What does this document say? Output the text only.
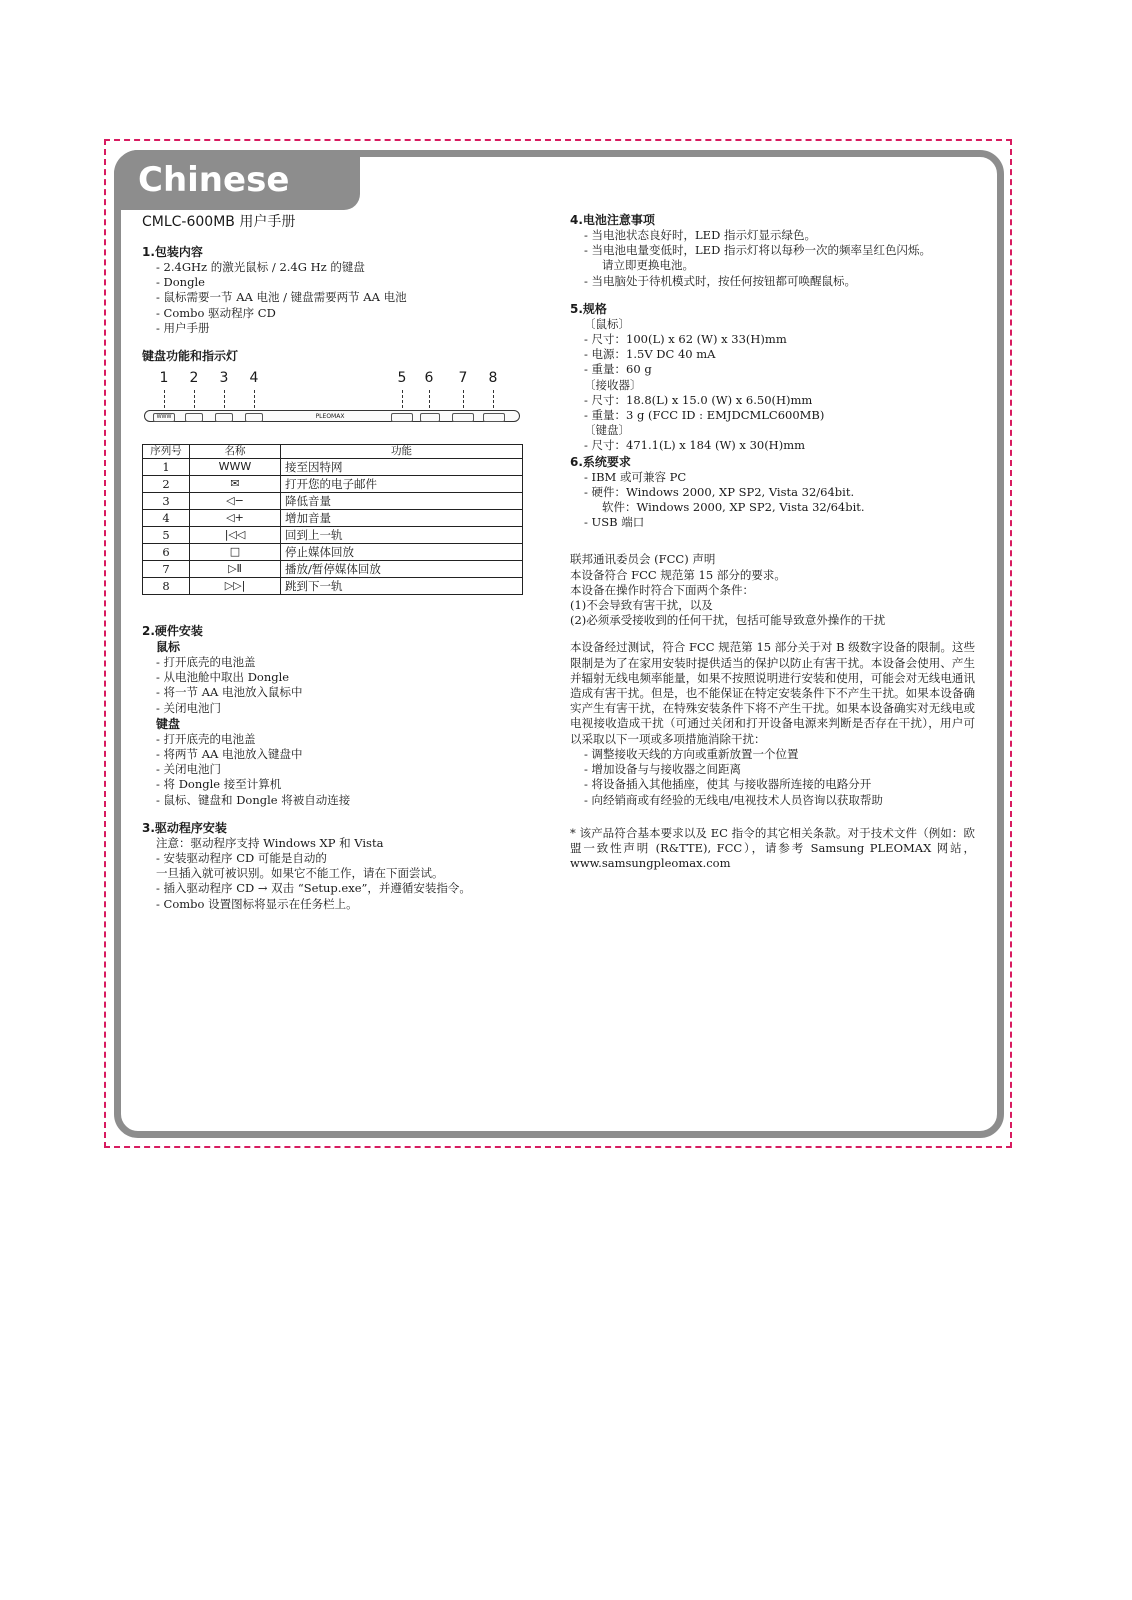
Chinese
CMLC-600MB 用户手册
1.包装内容
- 2.4GHz 的激光鼠标 / 2.4G Hz 的键盘
- Dongle
- 鼠标需要一节 AA 电池 / 键盘需要两节 AA 电池
- Combo 驱动程序 CD
- 用户手册
键盘功能和指示灯
1 2 3 4	5 6 7 8
WWW	PLEOMAX
序列号	名称	功能
1	WWW	接至因特网
2	✉	打开您的电子邮件
3	◁−	降低音量
4	◁+	增加音量
5	|◁◁	回到上一轨
6	□	停止媒体回放
7	▷Ⅱ	播放/暂停媒体回放
8	▷▷|	跳到下一轨
2.硬件安装
鼠标
- 打开底壳的电池盖
- 从电池舱中取出 Dongle
- 将一节 AA 电池放入鼠标中
- 关闭电池门
键盘
- 打开底壳的电池盖
- 将两节 AA 电池放入键盘中
- 关闭电池门
- 将 Dongle 接至计算机
- 鼠标、键盘和 Dongle 将被自动连接
3.驱动程序安装
注意：驱动程序支持 Windows XP 和 Vista
- 安装驱动程序 CD 可能是自动的
一旦插入就可被识别。如果它不能工作，请在下面尝试。
- 插入驱动程序 CD → 双击 “Setup.exe”，并遵循安装指令。
- Combo 设置图标将显示在任务栏上。
4.电池注意事项
- 当电池状态良好时，LED 指示灯显示绿色。
- 当电池电量变低时，LED 指示灯将以每秒一次的频率呈红色闪烁。
请立即更换电池。
- 当电脑处于待机模式时，按任何按钮都可唤醒鼠标。
5.规格
〔鼠标〕
- 尺寸：100(L) x 62 (W) x 33(H)mm
- 电源：1.5V DC 40 mA
- 重量：60 g
〔接收器〕
- 尺寸：18.8(L) x 15.0 (W) x 6.50(H)mm
- 重量：3 g (FCC ID : EMJDCMLC600MB)
〔键盘〕
- 尺寸：471.1(L) x 184 (W) x 30(H)mm
6.系统要求
- IBM 或可兼容 PC
- 硬件：Windows 2000, XP SP2, Vista 32/64bit.
软件：Windows 2000, XP SP2, Vista 32/64bit.
- USB 端口
联邦通讯委员会 (FCC) 声明
本设备符合 FCC 规范第 15 部分的要求。
本设备在操作时符合下面两个条件：
(1)不会导致有害干扰，以及
(2)必须承受接收到的任何干扰，包括可能导致意外操作的干扰
本设备经过测试，符合 FCC 规范第 15 部分关于对 B 级数字设备的限制。这些限制是为了在家用安装时提供适当的保护以防止有害干扰。本设备会使用、产生并辐射无线电频率能量，如果不按照说明进行安装和使用，可能会对无线电通讯造成有害干扰。但是，也不能保证在特定安装条件下不产生干扰。如果本设备确实产生有害干扰，在特殊安装条件下将不产生干扰。如果本设备确实对无线电或电视接收造成干扰（可通过关闭和打开设备电源来判断是否存在干扰），用户可以采取以下一项或多项措施消除干扰：
- 调整接收天线的方向或重新放置一个位置
- 增加设备与与接收器之间距离
- 将设备插入其他插座，使其 与接收器所连接的电路分开
- 向经销商或有经验的无线电/电视技术人员咨询以获取帮助
* 该产品符合基本要求以及 EC 指令的其它相关条款。对于技术文件（例如：欧盟一致性声明 (R&TTE), FCC），请参考 Samsung PLEOMAX 网站，www.samsungpleomax.com
